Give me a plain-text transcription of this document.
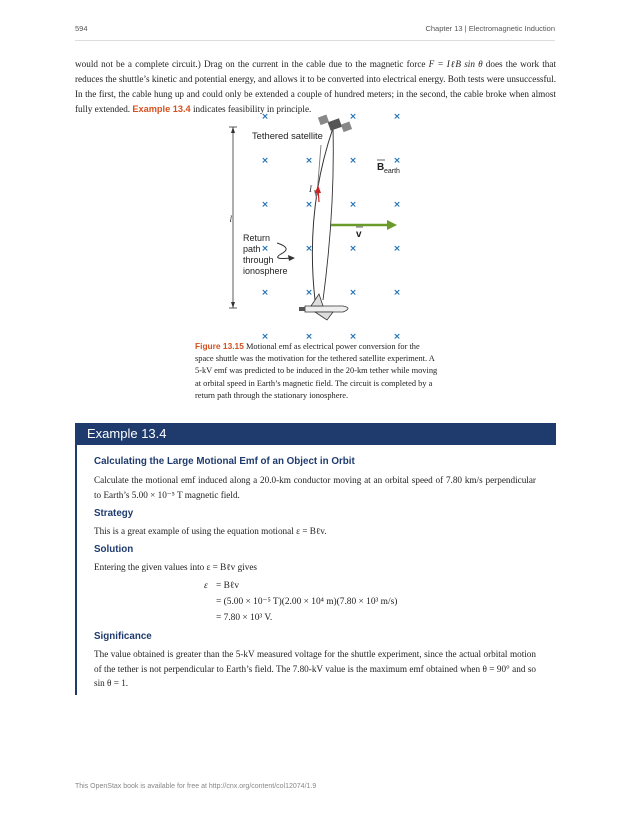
594	Chapter 13 | Electromagnetic Induction
would not be a complete circuit.) Drag on the current in the cable due to the magnetic force F = IℓB sin θ does the work that reduces the shuttle’s kinetic and potential energy, and allows it to be converted into electrical energy. Both tests were unsuccessful. In the first, the cable hung up and could only be extended a couple of hundred meters; in the second, the cable broke when almost fully extended. Example 13.4 indicates feasibility in principle.
×	×	×
×	×	×	×
×	×	×	×
×	×	×	×
×	×	×	×
×	×	×	×
l
I
Tethered satellite
B earth
v
Return
path
through
ionosphere
Figure 13.15 Motional emf as electrical power conversion for the space shuttle was the motivation for the tethered satellite experiment. A 5-kV emf was predicted to be induced in the 20-km tether while moving at orbital speed in Earth’s magnetic field. The circuit is completed by a return path through the stationary ionosphere.
Example 13.4
Calculating the Large Motional Emf of an Object in Orbit

Calculate the motional emf induced along a 20.0-km conductor moving at an orbital speed of 7.80 km/s perpendicular to Earth’s 5.00 × 10⁻⁵ T magnetic field.

Strategy

This is a great example of using the equation motional ε = Bℓv.

Solution

Entering the given values into ε = Bℓv gives

ε = Bℓv
= (5.00 × 10⁻⁵ T)(2.00 × 10⁴ m)(7.80 × 10³ m/s)
= 7.80 × 10³ V.
Significance

The value obtained is greater than the 5-kV measured voltage for the shuttle experiment, since the actual orbital motion of the tether is not perpendicular to Earth’s field. The 7.80-kV value is the maximum emf obtained when θ = 90° and so sin θ = 1.

This OpenStax book is available for free at http://cnx.org/content/col12074/1.9
